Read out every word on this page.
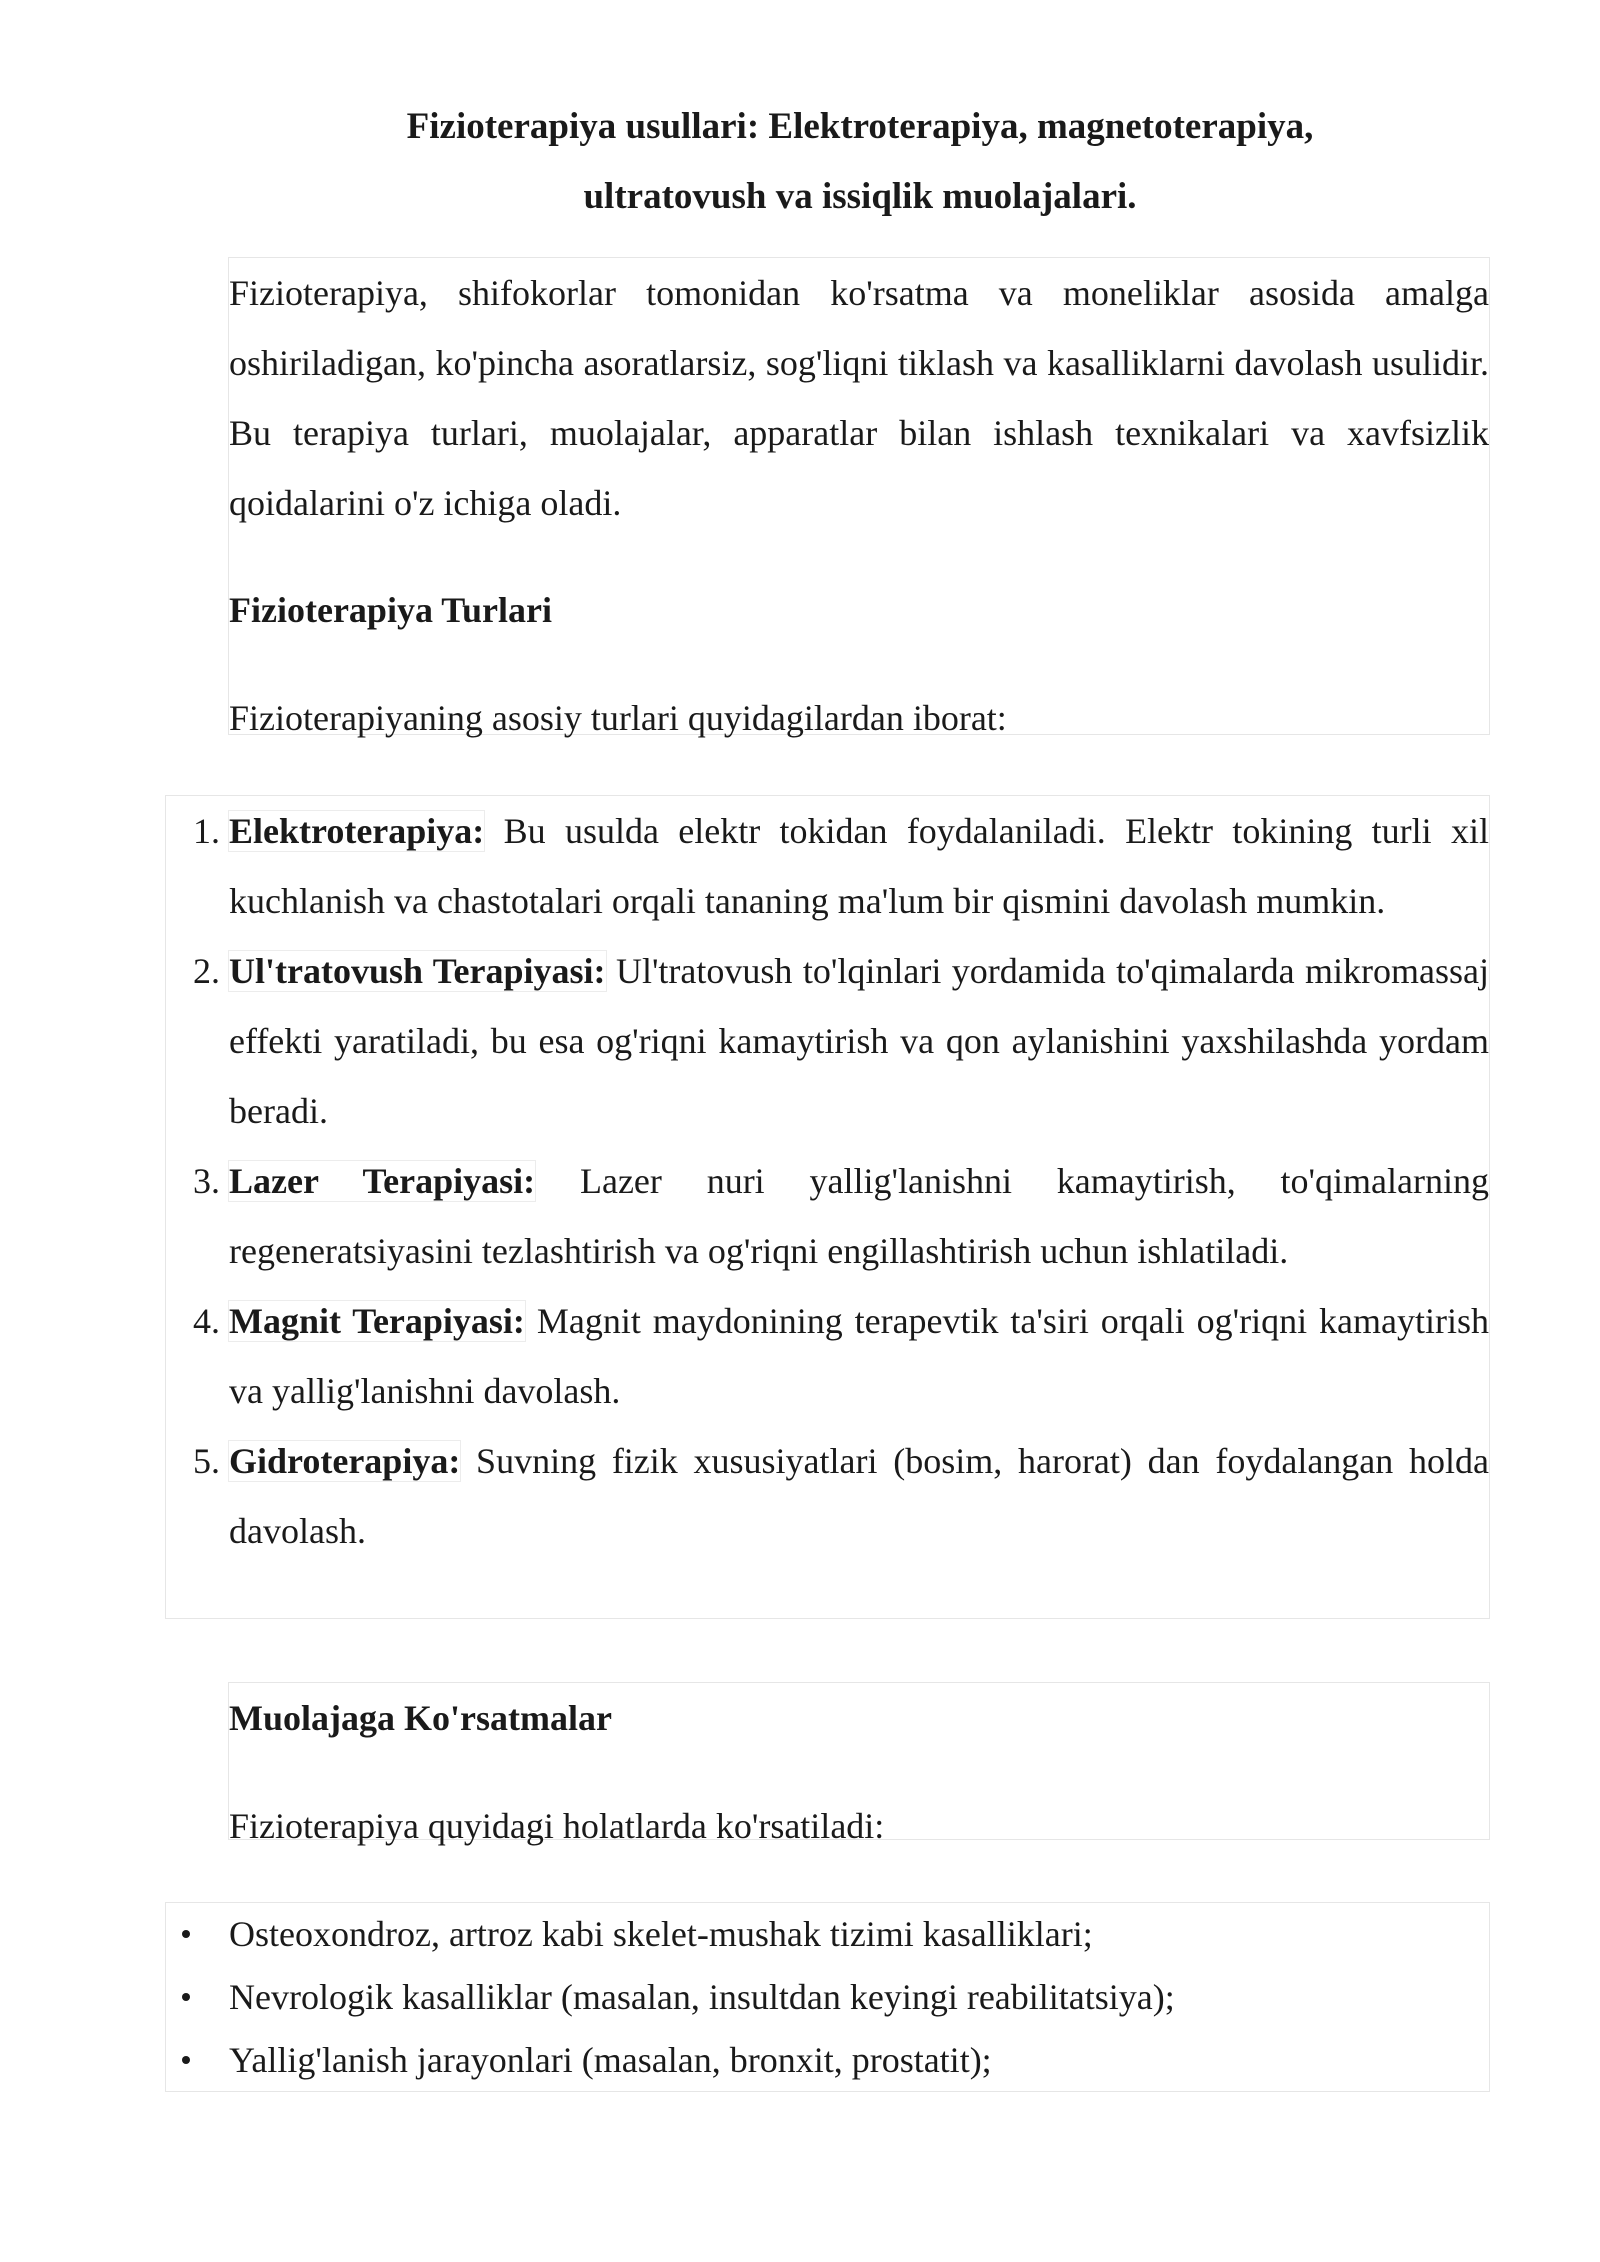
Fizioterapiya usullari: Elektroterapiya, magnetoterapiya,
ultratovush va issiqlik muolajalari.

Fizioterapiya, shifokorlar tomonidan ko'rsatma va moneliklar asosida amalga oshiriladigan, ko'pincha asoratlarsiz, sog'liqni tiklash va kasalliklarni davolash usulidir. Bu terapiya turlari, muolajalar, apparatlar bilan ishlash texnikalari va xavfsizlik qoidalarini o'z ichiga oladi.

Fizioterapiya Turlari

Fizioterapiyaning asosiy turlari quyidagilardan iborat:

1. Elektroterapiya: Bu usulda elektr tokidan foydalaniladi. Elektr tokining turli xil kuchlanish va chastotalari orqali tananing ma'lum bir qismini davolash mumkin.
2. Ul'tratovush Terapiyasi: Ul'tratovush to'lqinlari yordamida to'qimalarda mikromassaj effekti yaratiladi, bu esa og'riqni kamaytirish va qon aylanishini yaxshilashda yordam beradi.
3. Lazer Terapiyasi: Lazer nuri yallig'lanishni kamaytirish, to'qimalarning regeneratsiyasini tezlashtirish va og'riqni engillashtirish uchun ishlatiladi.
4. Magnit Terapiyasi: Magnit maydonining terapevtik ta'siri orqali og'riqni kamaytirish va yallig'lanishni davolash.
5. Gidroterapiya: Suvning fizik xususiyatlari (bosim, harorat) dan foydalangan holda davolash.

Muolajaga Ko'rsatmalar

Fizioterapiya quyidagi holatlarda ko'rsatiladi:

Osteoxondroz, artroz kabi skelet-mushak tizimi kasalliklari;
Nevrologik kasalliklar (masalan, insultdan keyingi reabilitatsiya);
Yallig'lanish jarayonlari (masalan, bronxit, prostatit);
